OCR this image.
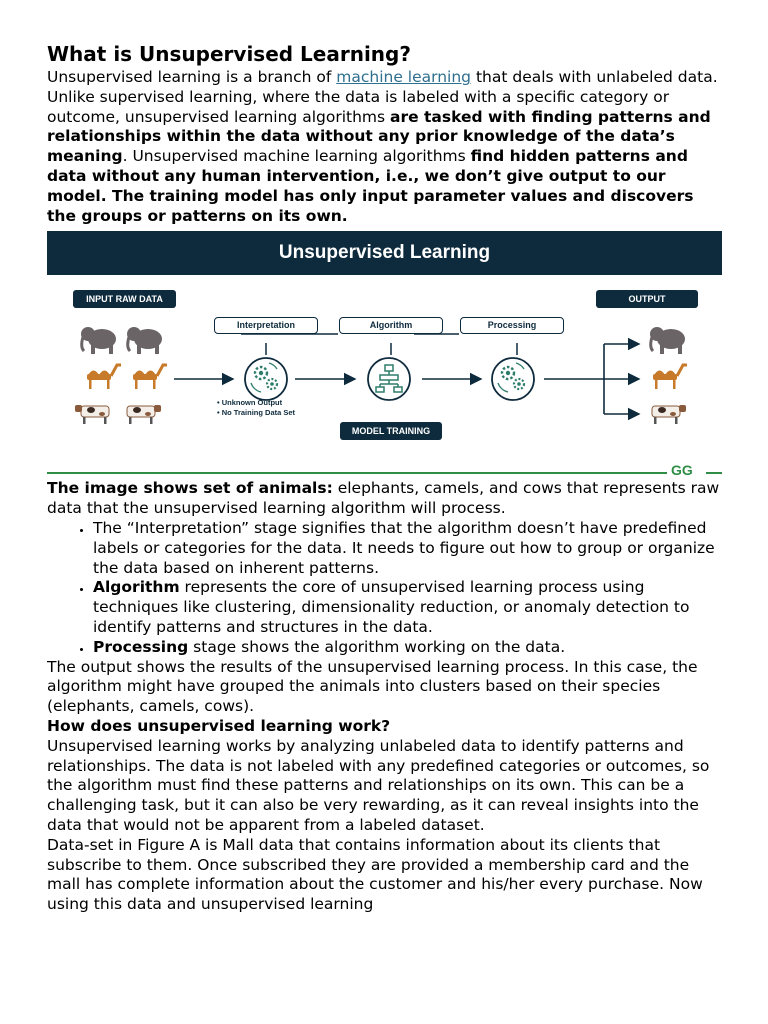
What is Unsupervised Learning?

Unsupervised learning is a branch of machine learning that deals with unlabeled data. Unlike supervised learning, where the data is labeled with a specific category or outcome, unsupervised learning algorithms are tasked with finding patterns and relationships within the data without any prior knowledge of the data’s meaning. Unsupervised machine learning algorithms find hidden patterns and data without any human intervention, i.e., we don’t give output to our model. The training model has only input parameter values and discovers the groups or patterns on its own.

Unsupervised Learning
INPUT RAW DATA	OUTPUT
MODEL TRAINING
Interpretation	Algorithm	Processing
• Unknown Output
• No Training Data Set
GG

The image shows set of animals: elephants, camels, and cows that represents raw data that the unsupervised learning algorithm will process.

• The “Interpretation” stage signifies that the algorithm doesn’t have predefined labels or categories for the data. It needs to figure out how to group or organize the data based on inherent patterns.
• Algorithm represents the core of unsupervised learning process using techniques like clustering, dimensionality reduction, or anomaly detection to identify patterns and structures in the data.
• Processing stage shows the algorithm working on the data.

The output shows the results of the unsupervised learning process. In this case, the algorithm might have grouped the animals into clusters based on their species (elephants, camels, cows).

How does unsupervised learning work?

Unsupervised learning works by analyzing unlabeled data to identify patterns and relationships. The data is not labeled with any predefined categories or outcomes, so the algorithm must find these patterns and relationships on its own. This can be a challenging task, but it can also be very rewarding, as it can reveal insights into the data that would not be apparent from a labeled dataset.

Data-set in Figure A is Mall data that contains information about its clients that subscribe to them. Once subscribed they are provided a membership card and the mall has complete information about the customer and his/her every purchase. Now using this data and unsupervised learning
